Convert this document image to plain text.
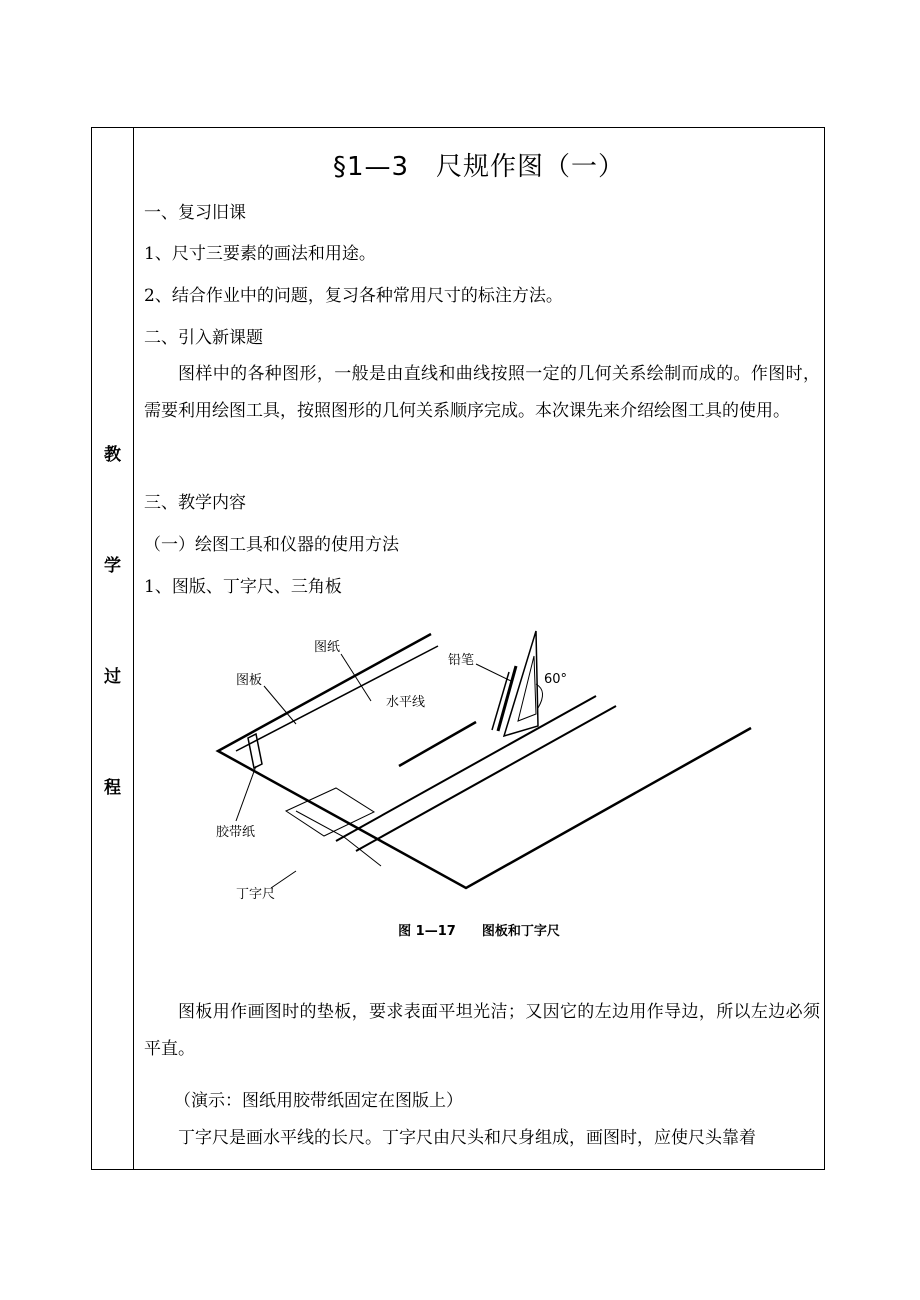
教
学
过
程
§1—3　尺规作图（一）
一、复习旧课
1、尺寸三要素的画法和用途。
2、结合作业中的问题，复习各种常用尺寸的标注方法。
二、引入新课题
图样中的各种图形，一般是由直线和曲线按照一定的几何关系绘制而成的。作图时，需要利用绘图工具，按照图形的几何关系顺序完成。本次课先来介绍绘图工具的使用。
三、教学内容
（一）绘图工具和仪器的使用方法
1、图版、丁字尺、三角板
图纸
图板
铅笔
60°
水平线
胶带纸
丁字尺
图 1—17　　图板和丁字尺
图板用作画图时的垫板，要求表面平坦光洁；又因它的左边用作导边，所以左边必须平直。
（演示：图纸用胶带纸固定在图版上）
丁字尺是画水平线的长尺。丁字尺由尺头和尺身组成，画图时，应使尺头靠着
